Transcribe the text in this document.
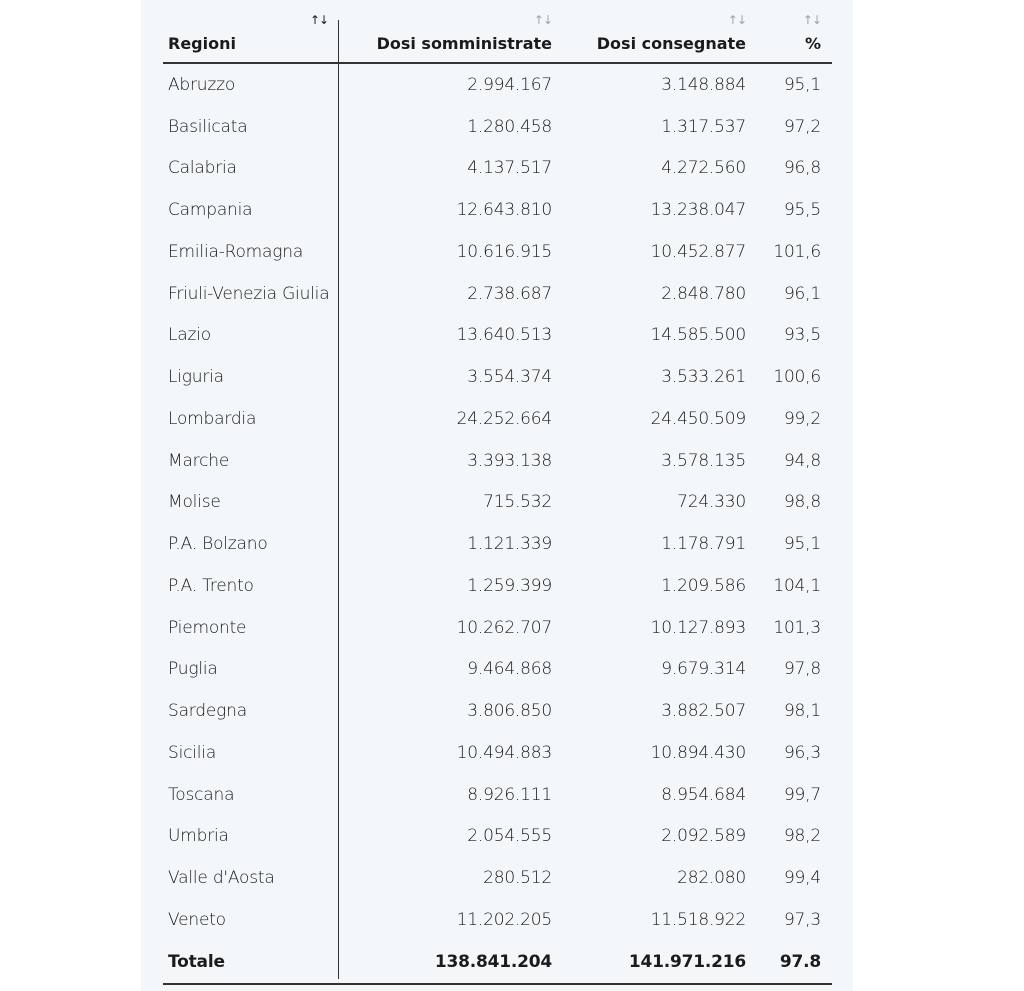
↑↓	↑↓	↑↓	↑↓
Regioni	Dosi somministrate	Dosi consegnate	%
Abruzzo	2.994.167	3.148.884 95,1
Basilicata	1.280.458	1.317.537 97,2
Calabria	4.137.517	4.272.560 96,8
Campania	12.643.810	13.238.047 95,5
Emilia-Romagna	10.616.915	10.452.877 101,6
Friuli-Venezia Giulia	2.738.687	2.848.780 96,1
Lazio	13.640.513	14.585.500 93,5
Liguria	3.554.374	3.533.261 100,6
Lombardia	24.252.664	24.450.509 99,2
Marche	3.393.138	3.578.135 94,8
Molise	715.532	724.330 98,8
P.A. Bolzano	1.121.339	1.178.791 95,1
P.A. Trento	1.259.399	1.209.586 104,1
Piemonte	10.262.707	10.127.893 101,3
Puglia	9.464.868	9.679.314 97,8
Sardegna	3.806.850	3.882.507 98,1
Sicilia	10.494.883	10.894.430 96,3
Toscana	8.926.111	8.954.684 99,7
Umbria	2.054.555	2.092.589 98,2
Valle d'Aosta	280.512	282.080 99,4
Veneto	11.202.205	11.518.922 97,3
Totale	138.841.204	141.971.216 97.8
